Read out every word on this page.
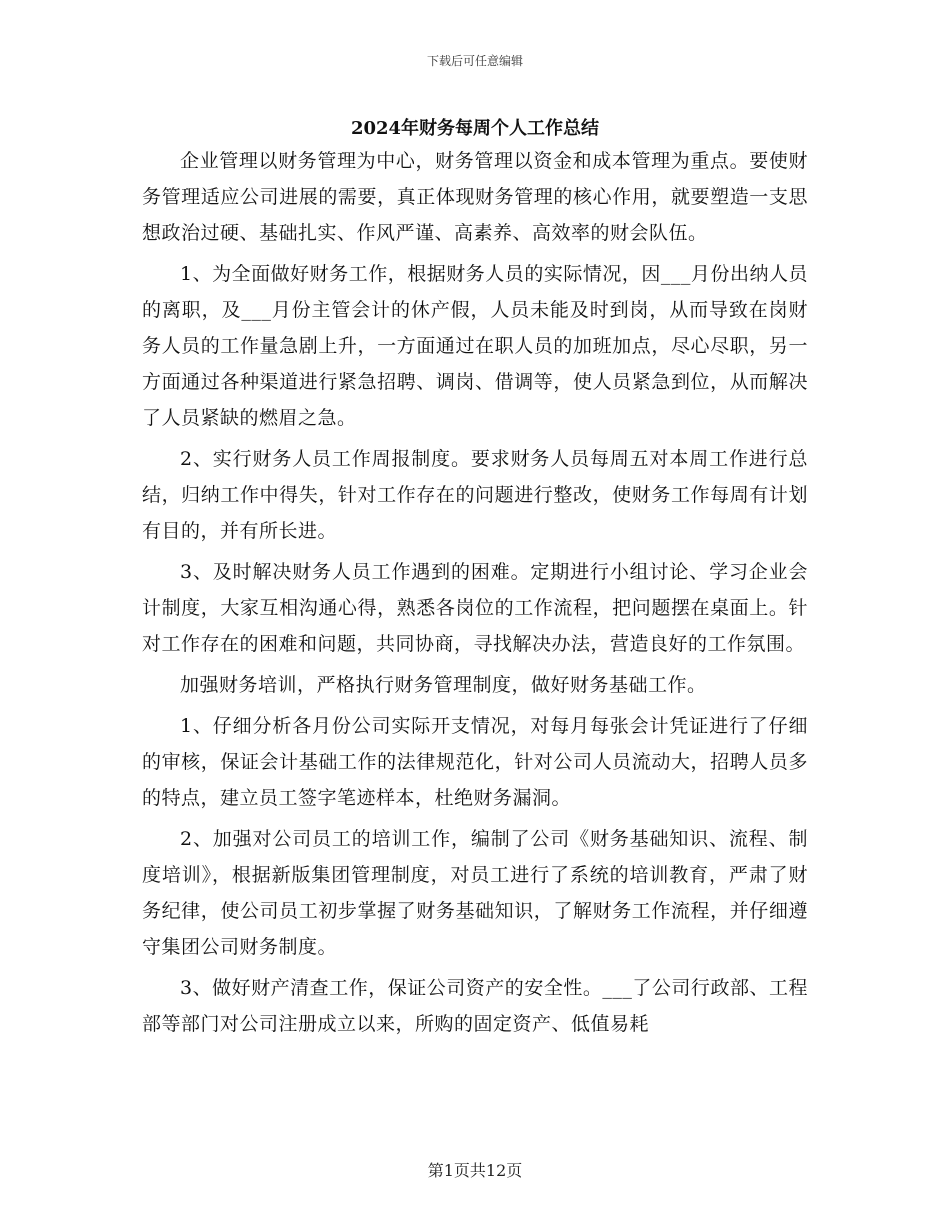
下载后可任意编辑
2024年财务每周个人工作总结

企业管理以财务管理为中心，财务管理以资金和成本管理为重点。要使财务管理适应公司进展的需要，真正体现财务管理的核心作用，就要塑造一支思想政治过硬、基础扎实、作风严谨、高素养、高效率的财会队伍。

1、为全面做好财务工作，根据财务人员的实际情况，因___月份出纳人员的离职，及___月份主管会计的休产假，人员未能及时到岗，从而导致在岗财务人员的工作量急剧上升，一方面通过在职人员的加班加点，尽心尽职，另一方面通过各种渠道进行紧急招聘、调岗、借调等，使人员紧急到位，从而解决了人员紧缺的燃眉之急。

2、实行财务人员工作周报制度。要求财务人员每周五对本周工作进行总结，归纳工作中得失，针对工作存在的问题进行整改，使财务工作每周有计划有目的，并有所长进。

3、及时解决财务人员工作遇到的困难。定期进行小组讨论、学习企业会计制度，大家互相沟通心得，熟悉各岗位的工作流程，把问题摆在桌面上。针对工作存在的困难和问题，共同协商，寻找解决办法，营造良好的工作氛围。

加强财务培训，严格执行财务管理制度，做好财务基础工作。

1、仔细分析各月份公司实际开支情况，对每月每张会计凭证进行了仔细的审核，保证会计基础工作的法律规范化，针对公司人员流动大，招聘人员多的特点，建立员工签字笔迹样本，杜绝财务漏洞。

2、加强对公司员工的培训工作，编制了公司《财务基础知识、流程、制度培训》，根据新版集团管理制度，对员工进行了系统的培训教育，严肃了财务纪律，使公司员工初步掌握了财务基础知识，了解财务工作流程，并仔细遵守集团公司财务制度。

3、做好财产清查工作，保证公司资产的安全性。___了公司行政部、工程部等部门对公司注册成立以来，所购的固定资产、低值易耗

第1页共12页
